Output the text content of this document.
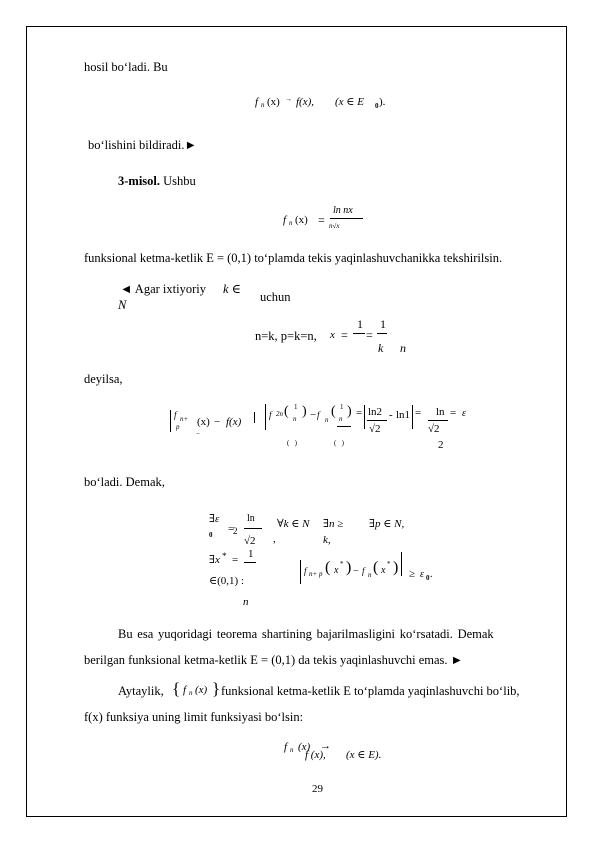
hosil bo‘ladi. Bu
f n (x) → f(x), (x ∈ E 0 ).
bo‘lishini bildiradi.►
3-misol. Ushbu
f n (x) =
ln nx
n√x
funksional ketma-ketlik E = (0,1) to‘plamda tekis yaqinlashuvchanikka tekshirilsin.
◄ Agar ixtiyoriy k ∈
N
uchun
n=k, p=k=n, x =
1
k
=
1
n
deyilsa,
f n+
p (x)
−
− f(x)
f 2n ( 1
n ) − f n
( 1
n )
(   )	(   )
= ln2
√2
- ln1 = ln
√2
2
= ε
bo‘ladi. Demak,
∃ε
0 =
ln
2
√2 ,
∀k ∈ N ∃n ≥
k,
∃p ∈ N,
∃x * = 1
n
∈(0,1) :
f n+ p ( x
* ) − f n ( x
* ) ≥ ε 0 .
Bu esa yuqoridagi teorema shartining bajarilmasligini ko‘rsatadi. Demak
berilgan funksional ketma-ketlik E = (0,1) da tekis yaqinlashuvchi emas. ►
Aytaylik, { f n (x) } funksional ketma-ketlik E to‘plamda yaqinlashuvchi bo‘lib,
f(x) funksiya uning limit funksiyasi bo‘lsin:
f n (x) →
f (x), (x ∈ E).
29
